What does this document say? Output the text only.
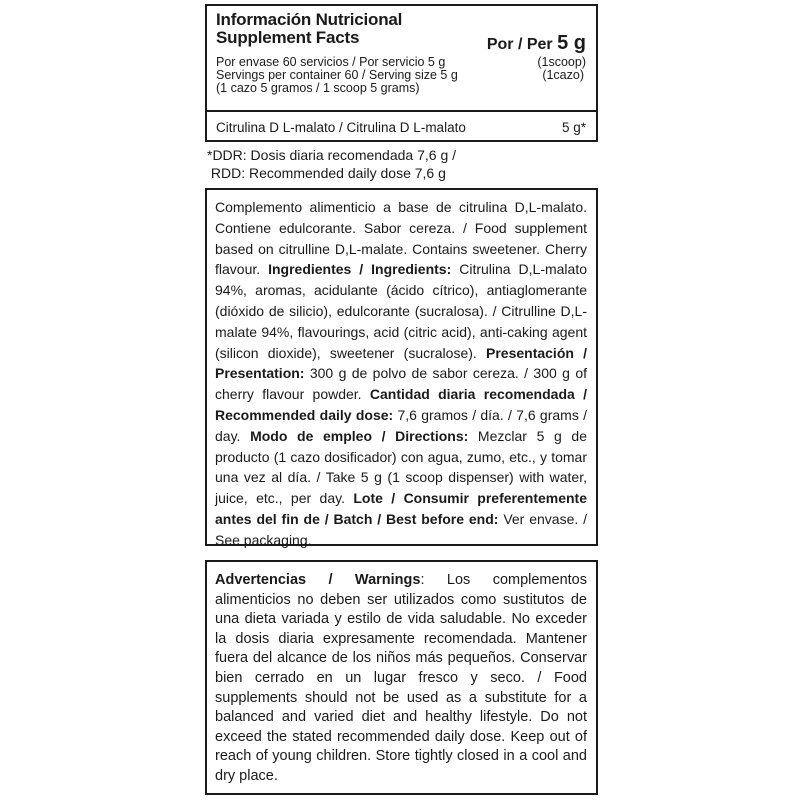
Información Nutricional
Supplement Facts	Por / Per 5 g
Por envase 60 servicios / Por servicio 5 g	(1scoop)
Servings per container 60 / Serving size 5 g	(1cazo)
(1 cazo 5 gramos / 1 scoop 5 grams)
Citrulina D L-malato / Citrulina D L-malato	5 g*
*DDR: Dosis diaria recomendada 7,6 g /
RDD: Recommended daily dose 7,6 g
Complemento alimenticio a base de citrulina D,L-malato. Contiene edulcorante. Sabor cereza. / Food supplement based on citrulline D,L-malate. Contains sweetener. Cherry flavour. Ingredientes / Ingredients: Citrulina D,L-malato 94%, aromas, acidulante (ácido cítrico), antiaglomerante (dióxido de silicio), edulcorante (sucralosa). / Citrulline D,L-malate 94%, flavourings, acid (citric acid), anti-caking agent (silicon dioxide), sweetener (sucralose). Presentación / Presentation: 300 g de polvo de sabor cereza. / 300 g of cherry flavour powder. Cantidad diaria recomendada / Recommended daily dose: 7,6 gramos / día. / 7,6 grams / day. Modo de empleo / Directions: Mezclar 5 g de producto (1 cazo dosificador) con agua, zumo, etc., y tomar una vez al día. / Take 5 g (1 scoop dispenser) with water, juice, etc., per day. Lote / Consumir preferentemente antes del fin de / Batch / Best before end: Ver envase. / See packaging.
Advertencias / Warnings: Los complementos alimenticios no deben ser utilizados como sustitutos de una dieta variada y estilo de vida saludable. No exceder la dosis diaria expresamente recomendada. Mantener fuera del alcance de los niños más pequeños. Conservar bien cerrado en un lugar fresco y seco. / Food supplements should not be used as a substitute for a balanced and varied diet and healthy lifestyle. Do not exceed the stated recommended daily dose. Keep out of reach of young children. Store tightly closed in a cool and dry place.
